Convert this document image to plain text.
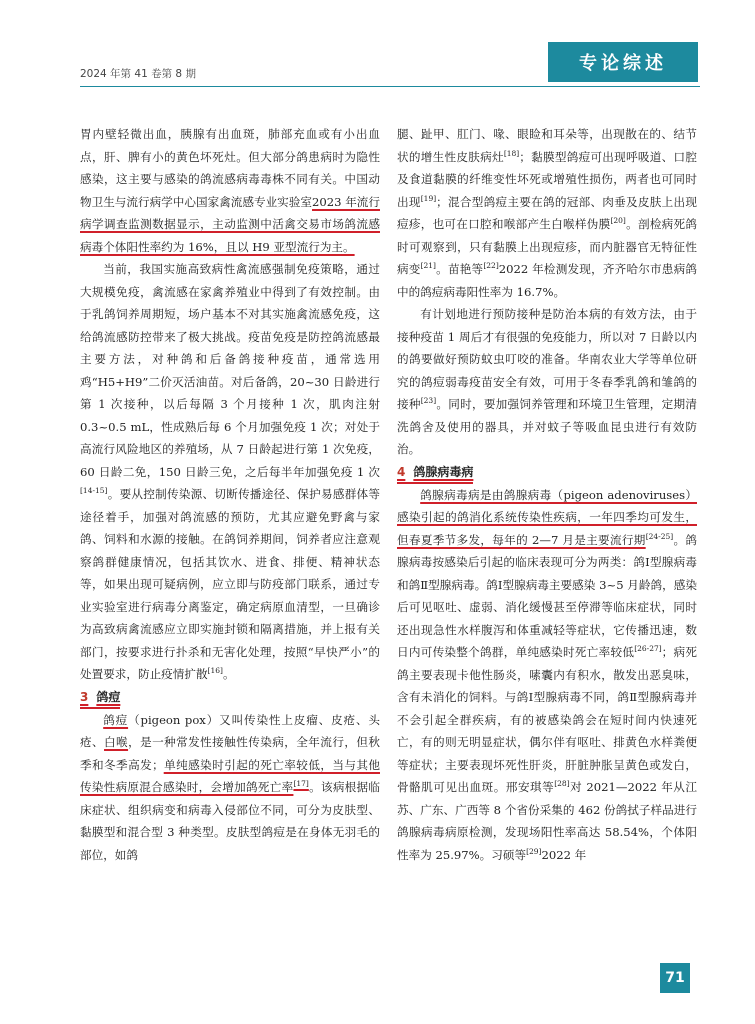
2024 年第 41 卷第 8 期	专论综述

胃内壁轻微出血，胰腺有出血斑，肺部充血或有小出血点，肝、脾有小的黄色坏死灶。但大部分鸽患病时为隐性感染，这主要与感染的鸽流感病毒毒株不同有关。中国动物卫生与流行病学中心国家禽流感专业实验室2023 年流行病学调查监测数据显示，主动监测中活禽交易市场鸽流感病毒个体阳性率约为 16%，且以 H9 亚型流行为主。

当前，我国实施高致病性禽流感强制免疫策略，通过大规模免疫，禽流感在家禽养殖业中得到了有效控制。由于乳鸽饲养周期短，场户基本不对其实施禽流感免疫，这给鸽流感防控带来了极大挑战。疫苗免疫是防控鸽流感最主要方法，对种鸽和后备鸽接种疫苗，通常选用鸡“H5+H9”二价灭活油苗。对后备鸽，20~30 日龄进行第 1 次接种，以后每隔 3 个月接种 1 次，肌肉注射 0.3~0.5 mL，性成熟后每 6 个月加强免疫 1 次；对处于高流行风险地区的养殖场，从 7 日龄起进行第 1 次免疫，60 日龄二免，150 日龄三免，之后每半年加强免疫 1 次[14-15]。要从控制传染源、切断传播途径、保护易感群体等途径着手，加强对鸽流感的预防，尤其应避免野禽与家鸽、饲料和水源的接触。在鸽饲养期间，饲养者应注意观察鸽群健康情况，包括其饮水、进食、排便、精神状态等，如果出现可疑病例，应立即与防疫部门联系，通过专业实验室进行病毒分离鉴定，确定病原血清型，一旦确诊为高致病禽流感应立即实施封锁和隔离措施，并上报有关部门，按要求进行扑杀和无害化处理，按照“早快严小”的处置要求，防止疫情扩散[16]。

3 鸽痘

鸽痘（pigeon pox）又叫传染性上皮瘤、皮疮、头疮、白喉，是一种常发性接触性传染病，全年流行，但秋季和冬季高发；单纯感染时引起的死亡率较低，当与其他传染性病原混合感染时，会增加鸽死亡率[17]。该病根据临床症状、组织病变和病毒入侵部位不同，可分为皮肤型、黏膜型和混合型 3 种类型。皮肤型鸽痘是在身体无羽毛的部位，如鸽

腿、趾甲、肛门、喙、眼睑和耳朵等，出现散在的、结节状的增生性皮肤病灶[18]；黏膜型鸽痘可出现呼吸道、口腔及食道黏膜的纤维变性坏死或增殖性损伤，两者也可同时出现[19]；混合型鸽痘主要在鸽的冠部、肉垂及皮肤上出现痘疹，也可在口腔和喉部产生白喉样伪膜[20]。剖检病死鸽时可观察到，只有黏膜上出现痘疹，而内脏器官无特征性病变[21]。苗艳等[22]2022 年检测发现，齐齐哈尔市患病鸽中的鸽痘病毒阳性率为 16.7%。

有计划地进行预防接种是防治本病的有效方法，由于接种疫苗 1 周后才有很强的免疫能力，所以对 7 日龄以内的鸽要做好预防蚊虫叮咬的准备。华南农业大学等单位研究的鸽痘弱毒疫苗安全有效，可用于冬春季乳鸽和雏鸽的接种[23]。同时，要加强饲养管理和环境卫生管理，定期清洗鸽舍及使用的器具，并对蚊子等吸血昆虫进行有效防治。

4 鸽腺病毒病

鸽腺病毒病是由鸽腺病毒（pigeon adenoviruses）感染引起的鸽消化系统传染性疾病，一年四季均可发生，但春夏季节多发，每年的 2—7 月是主要流行期[24-25]。鸽腺病毒按感染后引起的临床表现可分为两类：鸽Ⅰ型腺病毒和鸽Ⅱ型腺病毒。鸽Ⅰ型腺病毒主要感染 3~5 月龄鸽，感染后可见呕吐、虚弱、消化缓慢甚至停滞等临床症状，同时还出现急性水样腹泻和体重减轻等症状，它传播迅速，数日内可传染整个鸽群，单纯感染时死亡率较低[26-27]；病死鸽主要表现卡他性肠炎，嗉囊内有积水，散发出恶臭味，含有未消化的饲料。与鸽Ⅰ型腺病毒不同，鸽Ⅱ型腺病毒并不会引起全群疾病，有的被感染鸽会在短时间内快速死亡，有的则无明显症状，偶尔伴有呕吐、排黄色水样粪便等症状；主要表现坏死性肝炎，肝脏肿胀呈黄色或发白，骨骼肌可见出血斑。邢安琪等[28]对 2021—2022 年从江苏、广东、广西等 8 个省份采集的 462 份鸽拭子样品进行鸽腺病毒病原检测，发现场阳性率高达 58.54%，个体阳性率为 25.97%。习硕等[29]2022 年

71
